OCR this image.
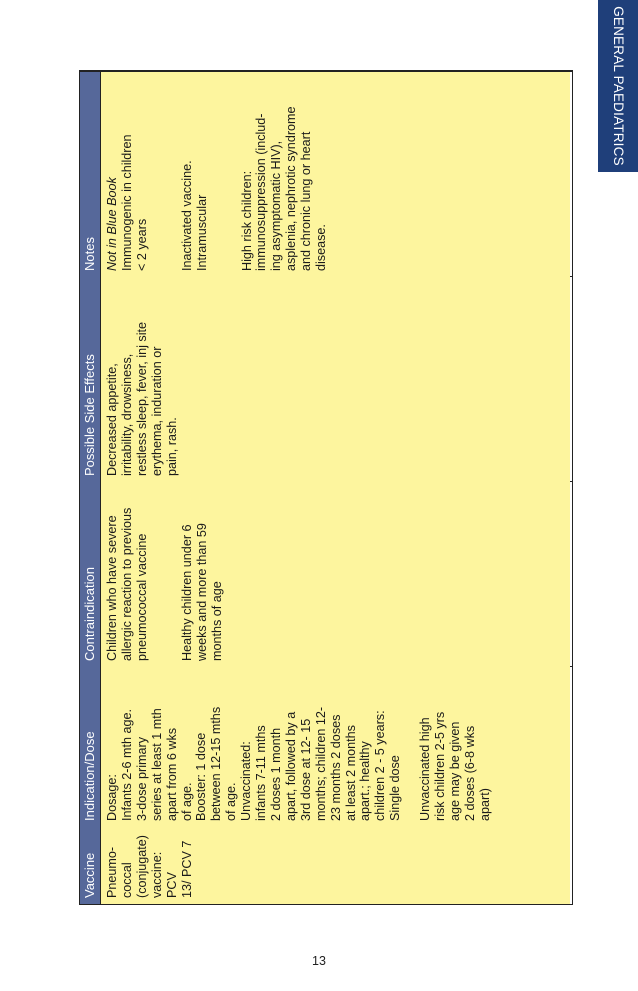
GENERAL PAEDIATRICS
Vaccine Pneumo- coccal (conjugate) vaccine: PCV 13/ PCV 7

Indication/Dose Dosage: Infants 2-6 mth age. 3-dose primary series at least 1 mth apart from 6 wks of age. Booster: 1 dose between 12-15 mths of age. Unvaccinated: infants 7-11 mths 2 doses 1 month apart, followed by a 3rd dose at 12- 15 months; children 12- 23 months 2 doses at least 2 months apart.; healthy children 2 - 5 years: Single dose Unvaccinated high risk children 2-5 yrs age may be given 2 doses (6-8 wks apart)

Contraindication Children who have severe allergic reaction to previous pneumococcal vaccine Healthy children under 6 weeks and more than 59 months of age

Possible Side Effects Decreased appetite, irritability, drowsiness, restless sleep, fever, inj site erythema, induration or pain, rash.

Notes Not in Blue Book Immunogenic in children < 2 years Inactivated vaccine. Intramuscular High risk children: immunosuppression (includ- ing asymptomatic HIV), asplenia, nephrotic syndrome and chronic lung or heart disease.

13
